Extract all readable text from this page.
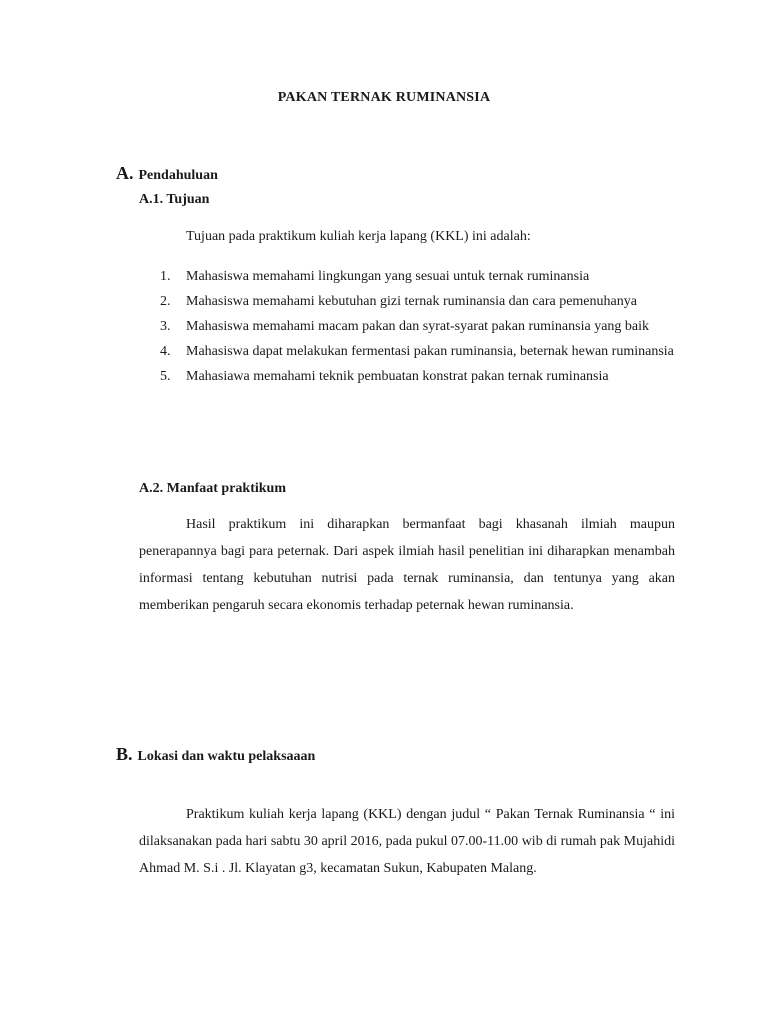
PAKAN TERNAK RUMINANSIA
A. Pendahuluan
A.1. Tujuan
Tujuan pada praktikum kuliah kerja lapang (KKL) ini adalah:
1.	Mahasiswa memahami lingkungan yang sesuai untuk ternak ruminansia
2.	Mahasiswa memahami kebutuhan gizi ternak ruminansia dan cara pemenuhanya
3.	Mahasiswa memahami macam pakan dan syrat-syarat pakan ruminansia yang baik
4.	Mahasiswa dapat melakukan fermentasi pakan ruminansia, beternak hewan ruminansia
5.	Mahasiawa memahami teknik pembuatan konstrat pakan ternak ruminansia
A.2. Manfaat praktikum

Hasil praktikum ini diharapkan bermanfaat bagi khasanah ilmiah maupun penerapannya bagi para peternak. Dari aspek ilmiah hasil penelitian ini diharapkan menambah informasi tentang kebutuhan nutrisi pada ternak ruminansia, dan tentunya yang akan memberikan pengaruh secara ekonomis terhadap peternak hewan ruminansia.

B. Lokasi dan waktu pelaksaaan

Praktikum kuliah kerja lapang (KKL) dengan judul “ Pakan Ternak Ruminansia “ ini dilaksanakan pada hari sabtu 30 april 2016, pada pukul 07.00-11.00 wib di rumah pak Mujahidi Ahmad M. S.i . Jl. Klayatan g3, kecamatan Sukun, Kabupaten Malang.
